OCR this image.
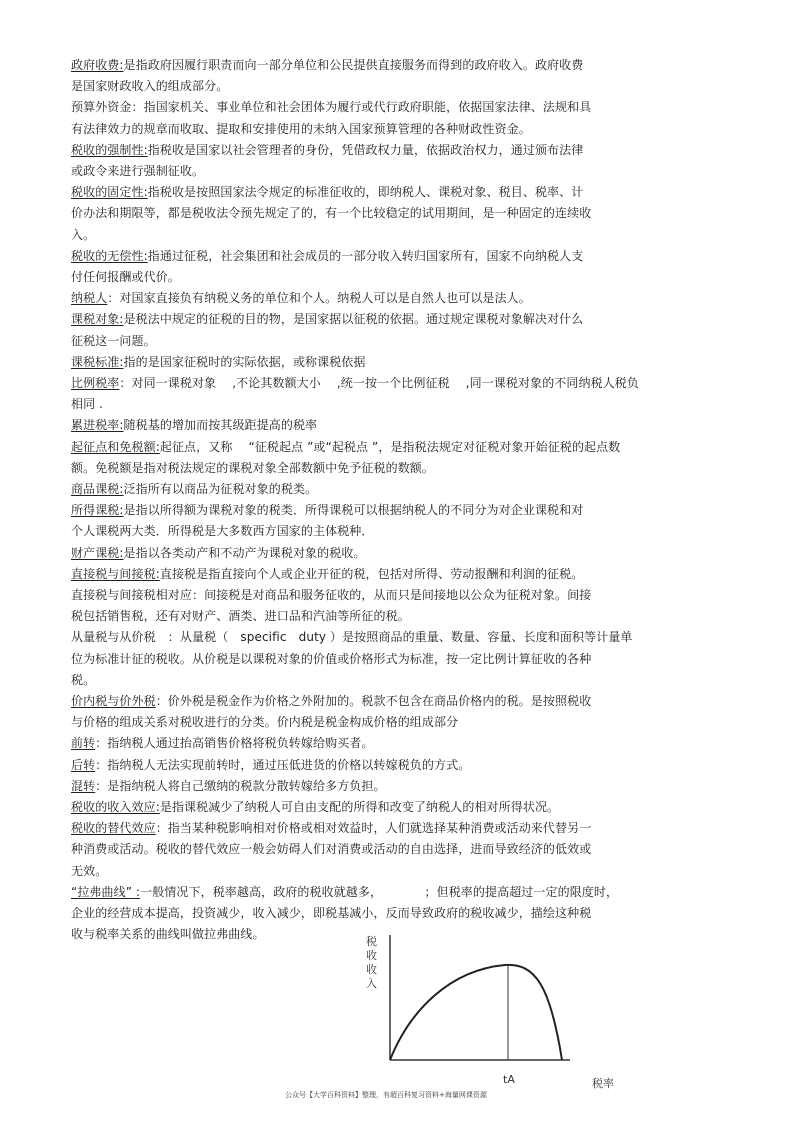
政府收费:是指政府因履行职责而向一部分单位和公民提供直接服务而得到的政府收入。政府收费
是国家财政收入的组成部分。
预算外资金：指国家机关、事业单位和社会团体为履行或代行政府职能，依据国家法律、法规和具
有法律效力的规章而收取、提取和安排使用的未纳入国家预算管理的各种财政性资金。
税收的强制性:指税收是国家以社会管理者的身份，凭借政权力量，依据政治权力，通过颁布法律
或政令来进行强制征收。
税收的固定性:指税收是按照国家法令规定的标准征收的，即纳税人、课税对象、税目、税率、计
价办法和期限等，都是税收法令预先规定了的，有一个比较稳定的试用期间，是一种固定的连续收
入。
税收的无偿性:指通过征税，社会集团和社会成员的一部分收入转归国家所有，国家不向纳税人支
付任何报酬或代价。
纳税人：对国家直接负有纳税义务的单位和个人。纳税人可以是自然人也可以是法人。
课税对象:是税法中规定的征税的目的物，是国家据以征税的依据。通过规定课税对象解决对什么
征税这一问题。
课税标准:指的是国家征税时的实际依据，或称课税依据
比例税率：对同一课税对象　 ,不论其数额大小　 ,统一按一个比例征税　 ,同一课税对象的不同纳税人税负
相同 .
累进税率:随税基的增加而按其级距提高的税率
起征点和免税额:起征点，又称　 “征税起点 ”或“起税点 ”，是指税法规定对征税对象开始征税的起点数
额。免税额是指对税法规定的课税对象全部数额中免予征税的数额。
商品课税:泛指所有以商品为征税对象的税类。
所得课税:是指以所得额为课税对象的税类．所得课税可以根据纳税人的不同分为对企业课税和对
个人课税两大类．所得税是大多数西方国家的主体税种．
财产课税:是指以各类动产和不动产为课税对象的税收。
直接税与间接税:直接税是指直接向个人或企业开征的税，包括对所得、劳动报酬和利润的征税。
直接税与间接税相对应：间接税是对商品和服务征收的，从而只是间接地以公众为征税对象。间接
税包括销售税，还有对财产、酒类、进口品和汽油等所征的税。
从量税与从价税　：从量税（　specific　duty ）是按照商品的重量、数量、容量、长度和面积等计量单
位为标准计征的税收。从价税是以课税对象的价值或价格形式为标准，按一定比例计算征收的各种
税。
价内税与价外税：价外税是税金作为价格之外附加的。税款不包含在商品价格内的税。是按照税收
与价格的组成关系对税收进行的分类。价内税是税金构成价格的组成部分
前转：指纳税人通过抬高销售价格将税负转嫁给购买者。
后转：指纳税人无法实现前转时，通过压低进货的价格以转嫁税负的方式。
混转：是指纳税人将自己缴纳的税款分散转嫁给多方负担。
税收的收入效应:是指课税减少了纳税人可自由支配的所得和改变了纳税人的相对所得状况。
税收的替代效应：指当某种税影响相对价格或相对效益时，人们就选择某种消费或活动来代替另一
种消费或活动。税收的替代效应一般会妨碍人们对消费或活动的自由选择，进而导致经济的低效或
无效。
“拉弗曲线” :一般情况下，税率越高，政府的税收就越多，　　　　；但税率的提高超过一定的限度时，
企业的经营成本提高，投资减少，收入减少，即税基减小，反而导致政府的税收减少，描绘这种税
收与税率关系的曲线叫做拉弗曲线。
税
收
收
入
tA	税率
公众号【大学百科资料】整理，有超百科复习资料+海量网课资源
